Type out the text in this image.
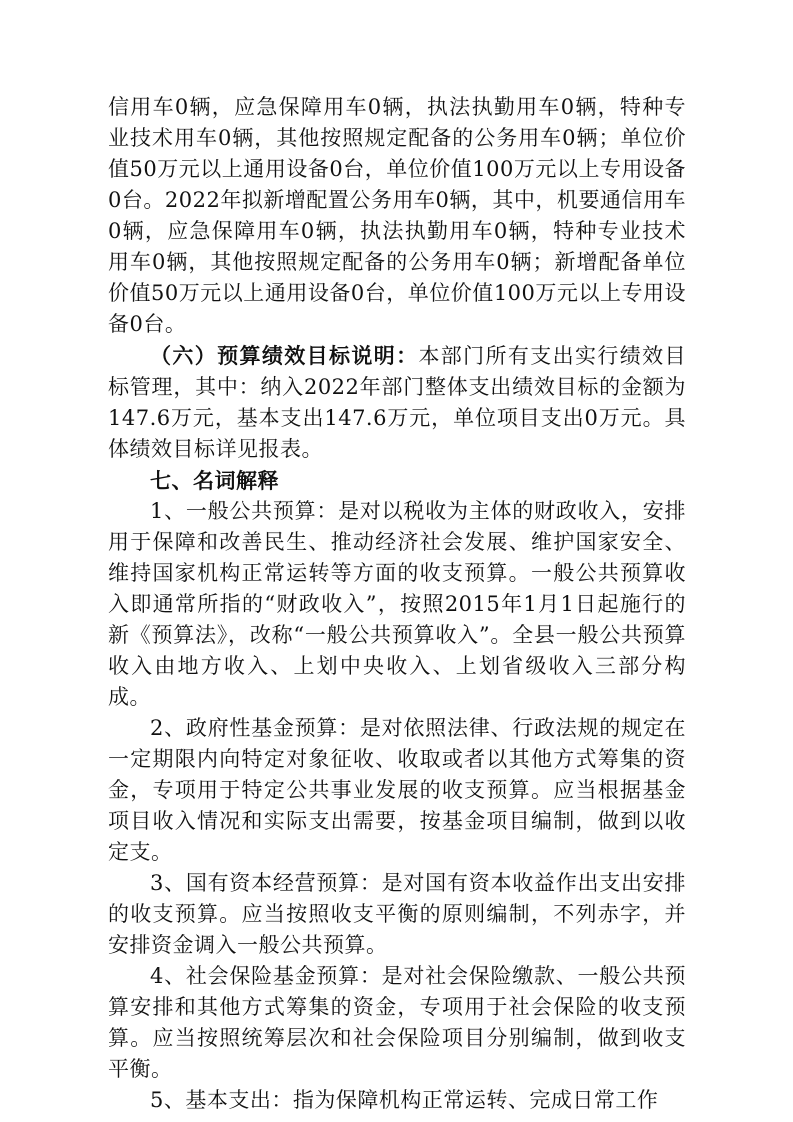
信用车0辆，应急保障用车0辆，执法执勤用车0辆，特种专业技术用车0辆，其他按照规定配备的公务用车0辆；单位价值50万元以上通用设备0台，单位价值100万元以上专用设备0台。2022年拟新增配置公务用车0辆，其中，机要通信用车0辆，应急保障用车0辆，执法执勤用车0辆，特种专业技术用车0辆，其他按照规定配备的公务用车0辆；新增配备单位价值50万元以上通用设备0台，单位价值100万元以上专用设备0台。

（六）预算绩效目标说明：本部门所有支出实行绩效目标管理，其中：纳入2022年部门整体支出绩效目标的金额为147.6万元，基本支出147.6万元，单位项目支出0万元。具体绩效目标详见报表。

七、名词解释

1、一般公共预算：是对以税收为主体的财政收入，安排用于保障和改善民生、推动经济社会发展、维护国家安全、维持国家机构正常运转等方面的收支预算。一般公共预算收入即通常所指的“财政收入”，按照2015年1月1日起施行的新《预算法》，改称“一般公共预算收入”。全县一般公共预算收入由地方收入、上划中央收入、上划省级收入三部分构成。

2、政府性基金预算：是对依照法律、行政法规的规定在一定期限内向特定对象征收、收取或者以其他方式筹集的资金，专项用于特定公共事业发展的收支预算。应当根据基金项目收入情况和实际支出需要，按基金项目编制，做到以收定支。

3、国有资本经营预算：是对国有资本收益作出支出安排的收支预算。应当按照收支平衡的原则编制，不列赤字，并安排资金调入一般公共预算。

4、社会保险基金预算：是对社会保险缴款、一般公共预算安排和其他方式筹集的资金，专项用于社会保险的收支预算。应当按照统筹层次和社会保险项目分别编制，做到收支平衡。

5、基本支出：指为保障机构正常运转、完成日常工作
